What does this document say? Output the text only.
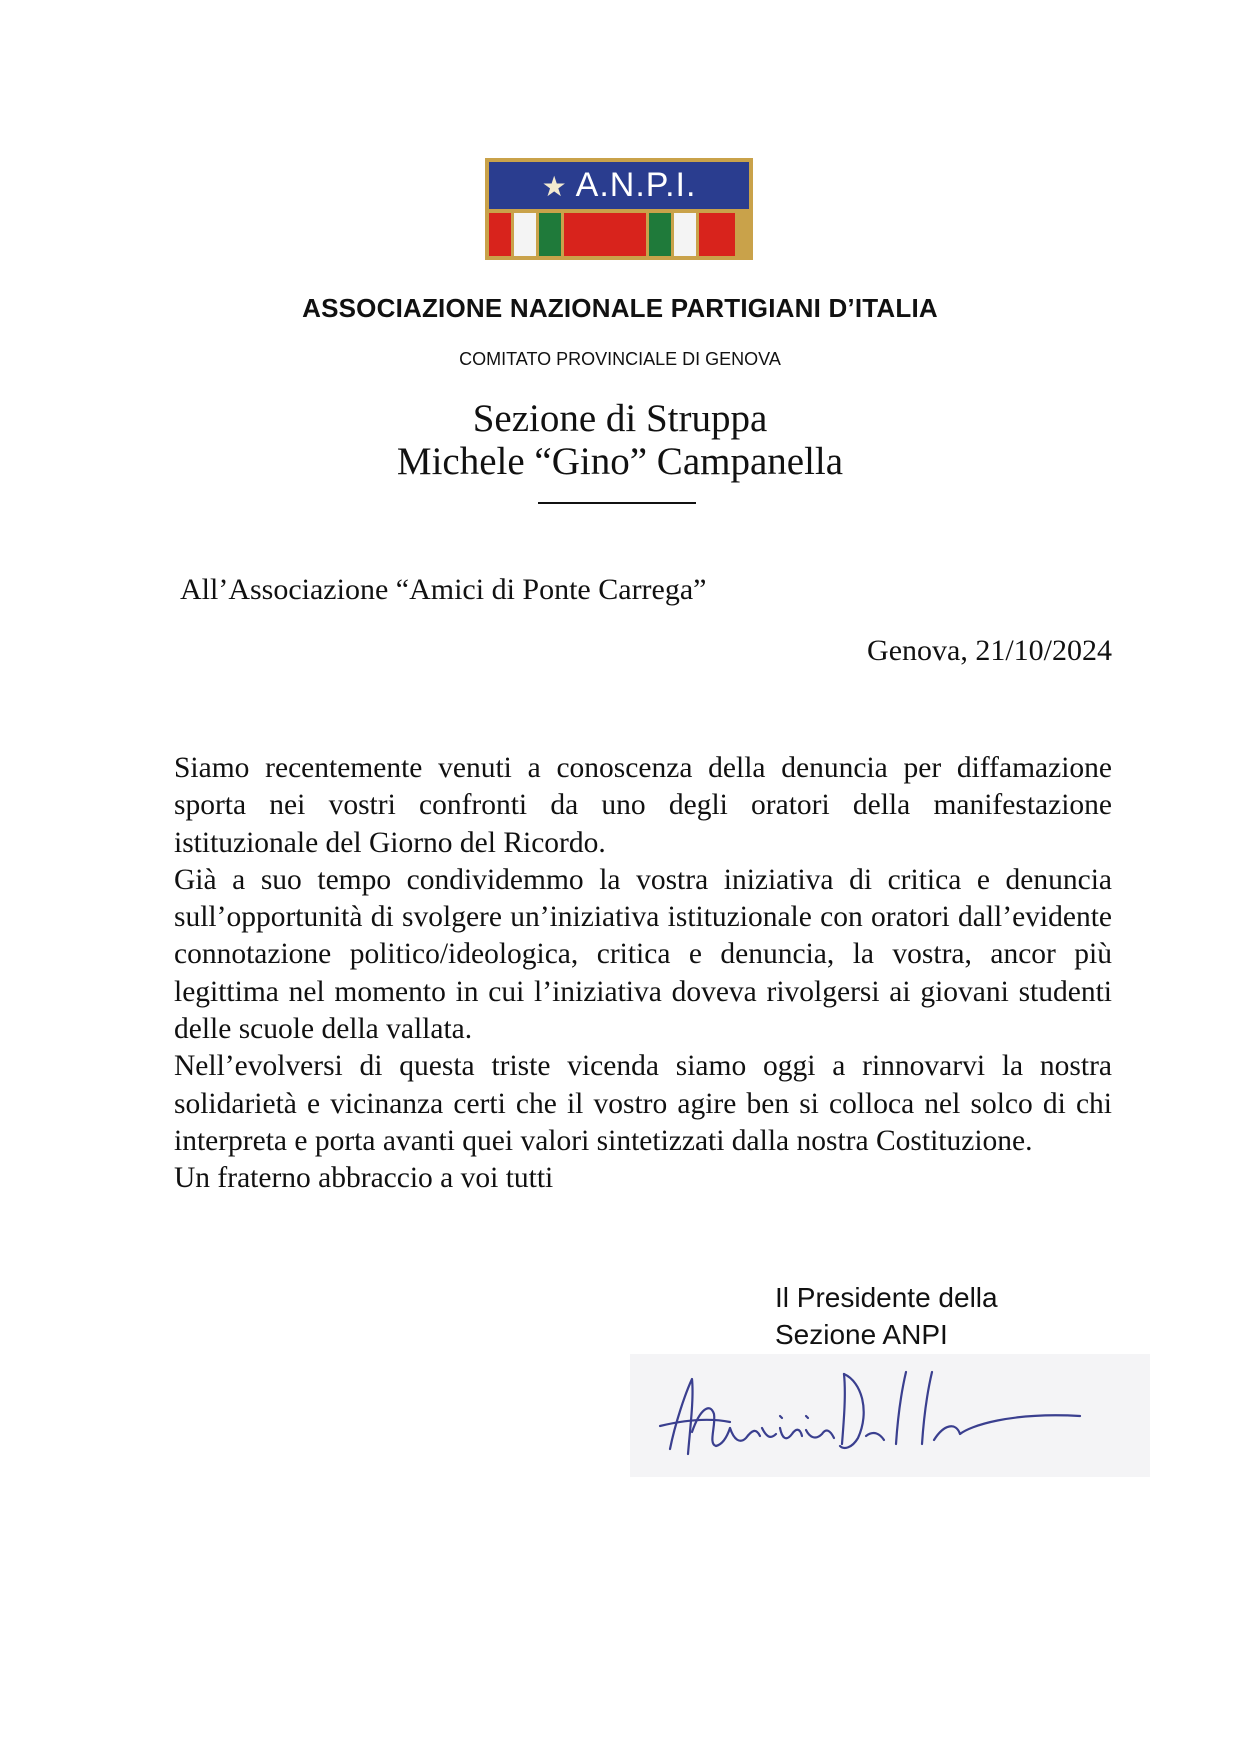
★ A.N.P.I.
ASSOCIAZIONE NAZIONALE PARTIGIANI D’ITALIA
COMITATO PROVINCIALE DI GENOVA
Sezione di Struppa
Michele “Gino” Campanella
All’Associazione “Amici di Ponte Carrega”
Genova, 21/10/2024

Siamo recentemente venuti a conoscenza della denuncia per diffamazione sporta nei vostri confronti da uno degli oratori della manifestazione istituzionale del Giorno del Ricordo.

Già a suo tempo condividemmo la vostra iniziativa di critica e denuncia sull’opportunità di svolgere un’iniziativa istituzionale con oratori dall’evidente connotazione politico/ideologica, critica e denuncia, la vostra, ancor più legittima nel momento in cui l’iniziativa doveva rivolgersi ai giovani studenti delle scuole della vallata.

Nell’evolversi di questa triste vicenda siamo oggi a rinnovarvi la nostra solidarietà e vicinanza certi che il vostro agire ben si colloca nel solco di chi interpreta e porta avanti quei valori sintetizzati dalla nostra Costituzione.

Un fraterno abbraccio a voi tutti

Il Presidente della
Sezione ANPI
